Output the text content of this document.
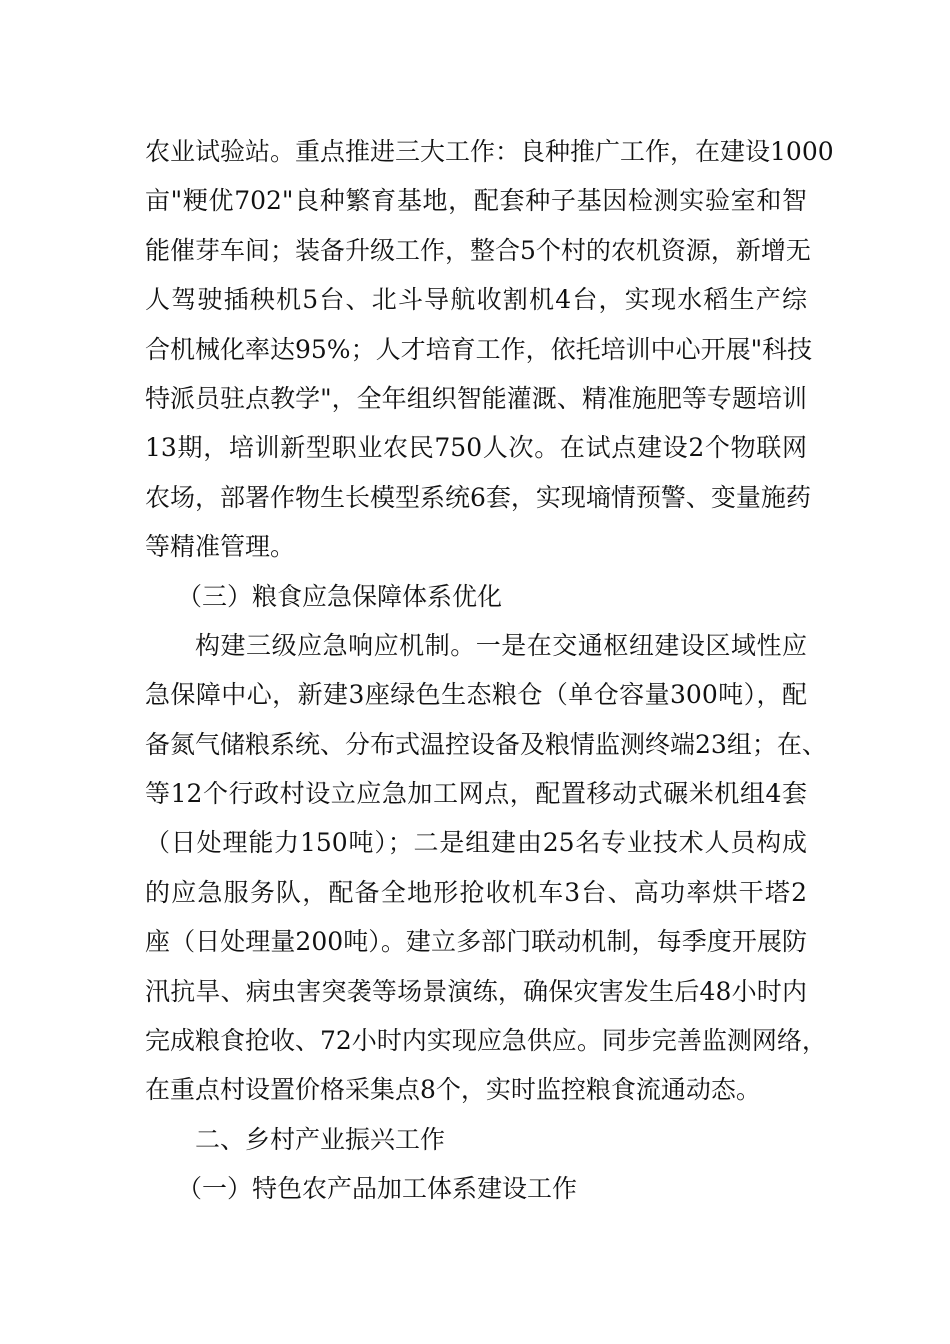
农业试验站。重点推进三大工作：良种推广工作，在建设1000
亩"粳优702"良种繁育基地，配套种子基因检测实验室和智
能催芽车间；装备升级工作，整合5个村的农机资源，新增无
人驾驶插秧机5台、北斗导航收割机4台，实现水稻生产综
合机械化率达95%；人才培育工作，依托培训中心开展"科技
特派员驻点教学"，全年组织智能灌溉、精准施肥等专题培训
13期，培训新型职业农民750人次。在试点建设2个物联网
农场，部署作物生长模型系统6套，实现墒情预警、变量施药
等精准管理。
（三）粮食应急保障体系优化
构建三级应急响应机制。一是在交通枢纽建设区域性应
急保障中心，新建3座绿色生态粮仓（单仓容量300吨），配
备氮气储粮系统、分布式温控设备及粮情监测终端23组；在、
等12个行政村设立应急加工网点，配置移动式碾米机组4套
（日处理能力150吨）；二是组建由25名专业技术人员构成
的应急服务队，配备全地形抢收机车3台、高功率烘干塔2
座（日处理量200吨）。建立多部门联动机制，每季度开展防
汛抗旱、病虫害突袭等场景演练，确保灾害发生后48小时内
完成粮食抢收、72小时内实现应急供应。同步完善监测网络，
在重点村设置价格采集点8个，实时监控粮食流通动态。
二、乡村产业振兴工作
（一）特色农产品加工体系建设工作
